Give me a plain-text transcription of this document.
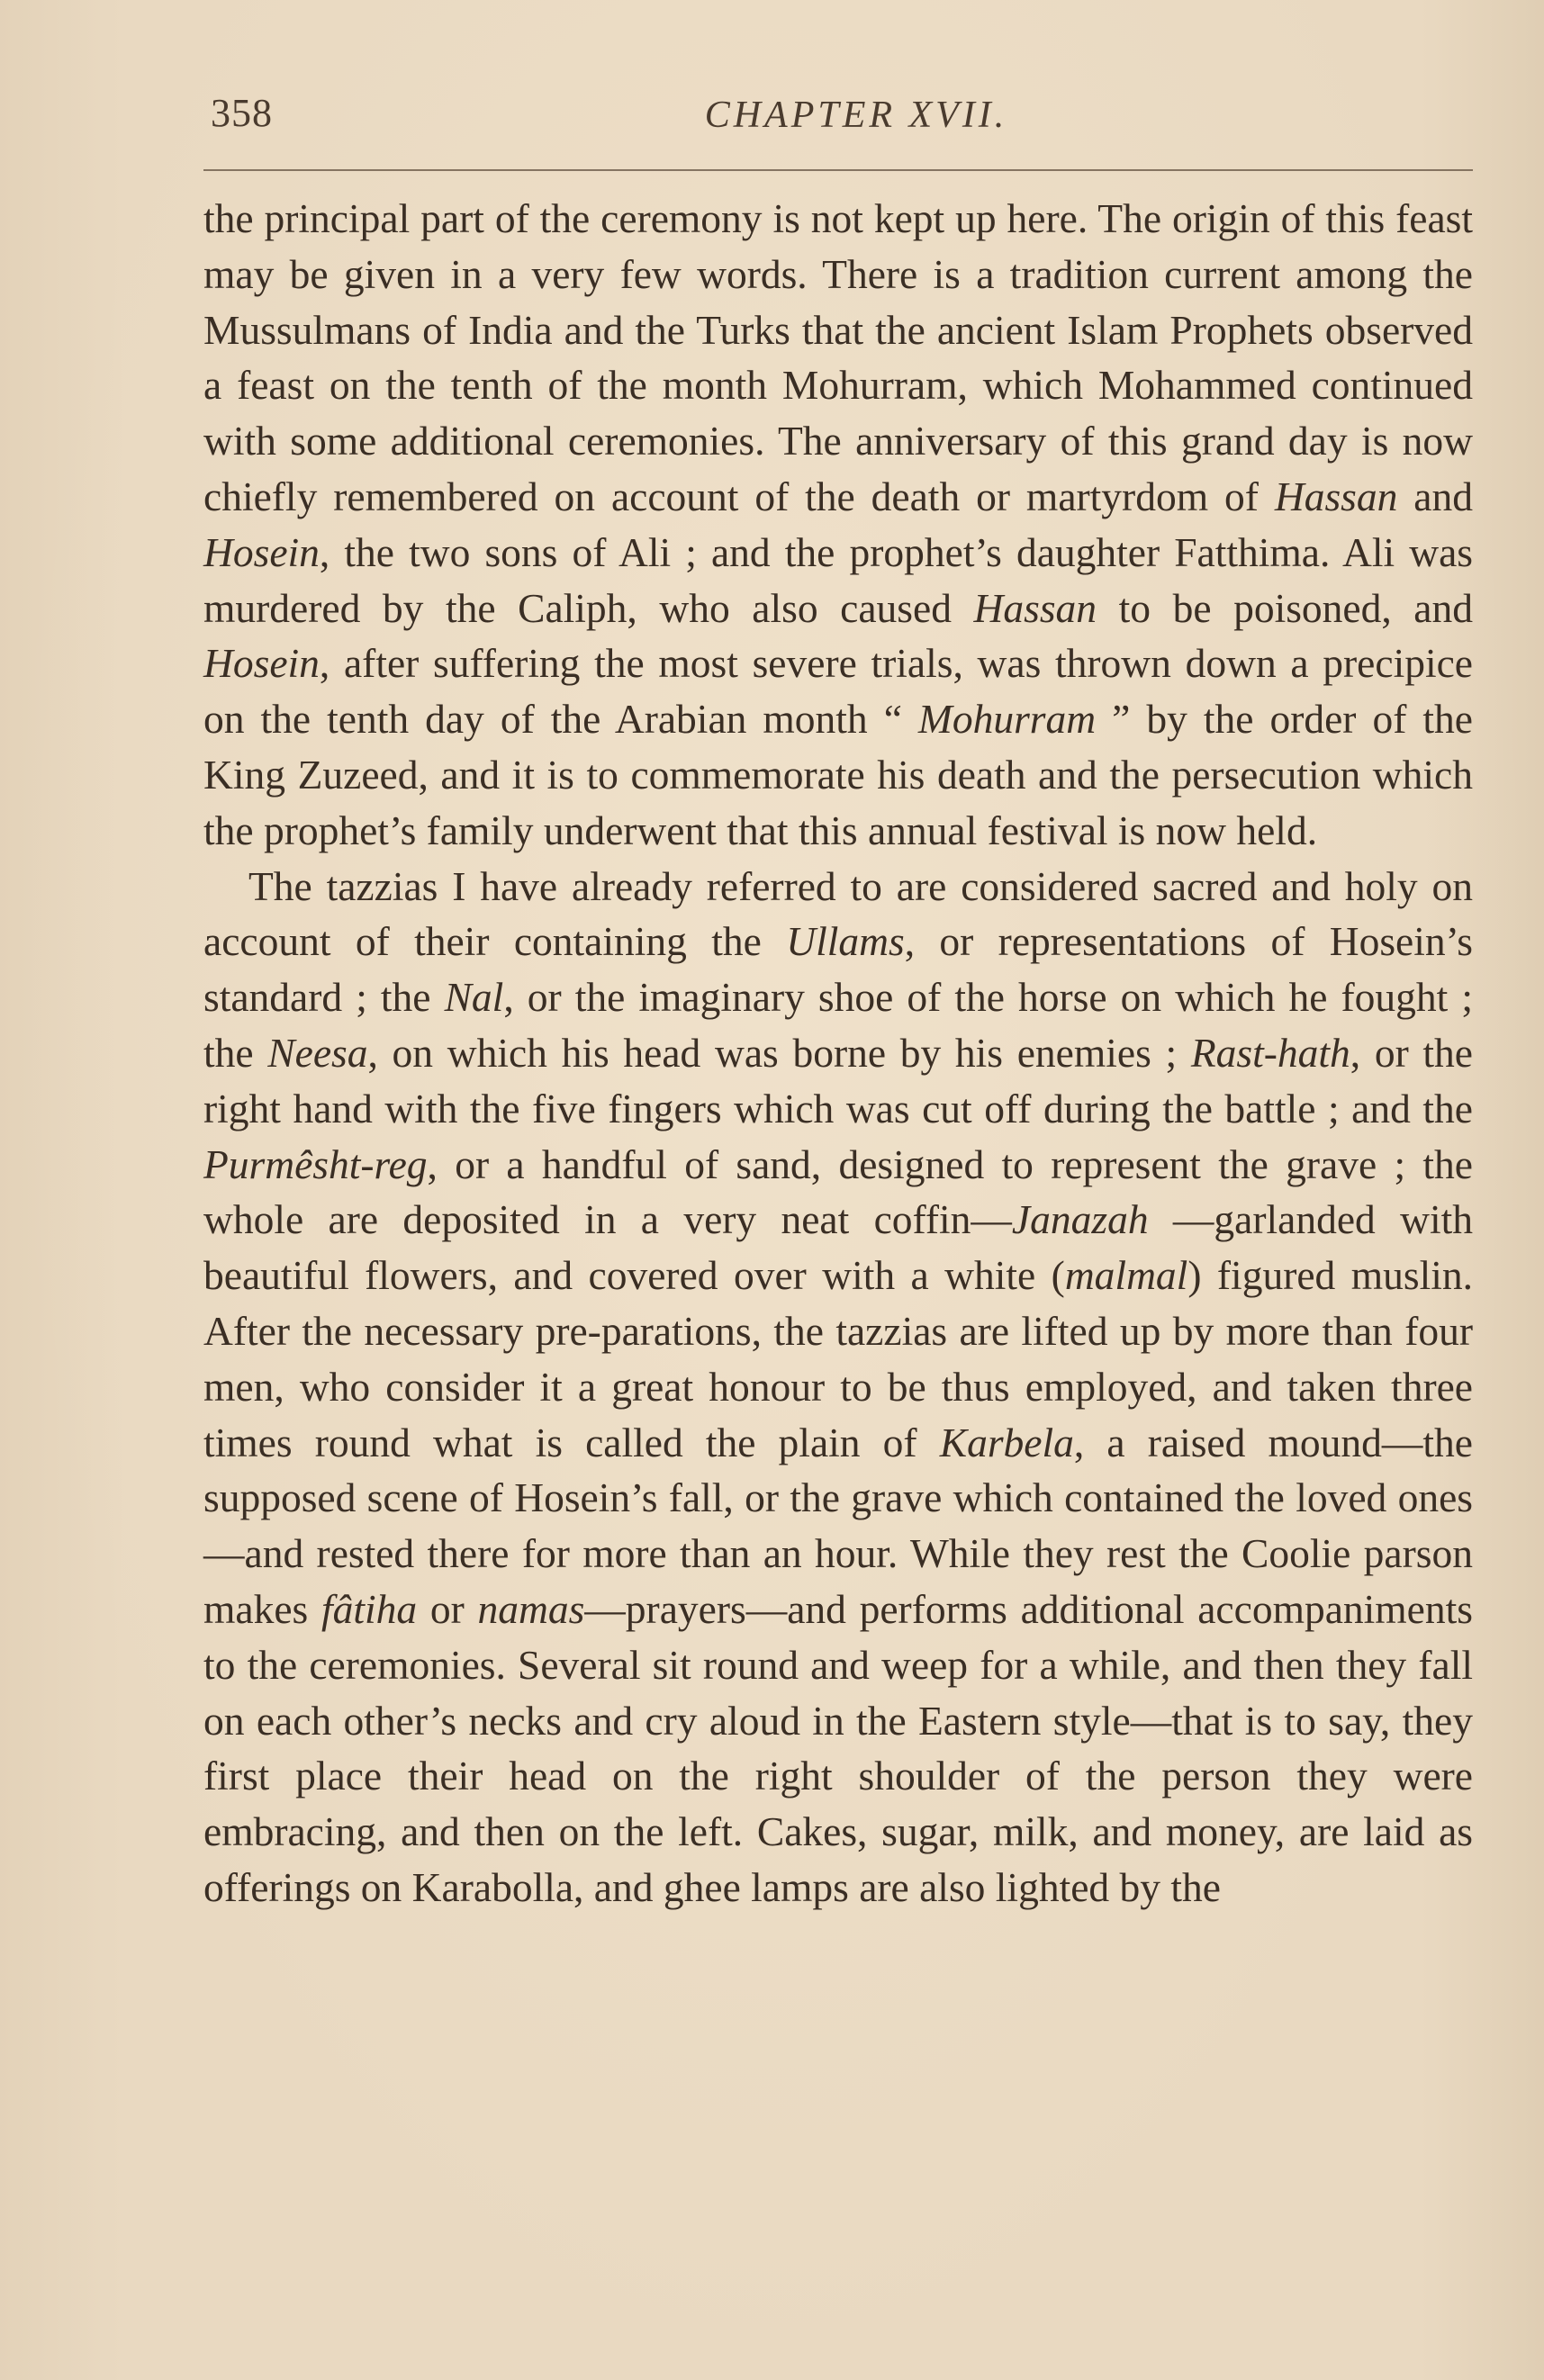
358	CHAPTER XVII.

the principal part of the ceremony is not kept up here. The origin of this feast may be given in a very few words. There is a tradition current among the Mussulmans of India and the Turks that the ancient Islam Prophets observed a feast on the tenth of the month Mohurram, which Mohammed continued with some additional ceremonies. The anniversary of this grand day is now chiefly remembered on account of the death or martyrdom of Hassan and Hosein, the two sons of Ali ; and the prophet’s daughter Fatthima. Ali was murdered by the Caliph, who also caused Hassan to be poisoned, and Hosein, after suffering the most severe trials, was thrown down a precipice on the tenth day of the Arabian month “ Mohurram ” by the order of the King Zuzeed, and it is to commemorate his death and the persecution which the prophet’s family underwent that this annual festival is now held.

The tazzias I have already referred to are considered sacred and holy on account of their containing the Ullams, or representations of Hosein’s standard ; the Nal, or the imaginary shoe of the horse on which he fought ; the Neesa, on which his head was borne by his enemies ; Rast-hath, or the right hand with the five fingers which was cut off during the battle ; and the Purmêsht-reg, or a handful of sand, designed to represent the grave ; the whole are deposited in a very neat coffin—Janazah —garlanded with beautiful flowers, and covered over with a white (malmal) figured muslin. After the necessary pre-parations, the tazzias are lifted up by more than four men, who consider it a great honour to be thus employed, and taken three times round what is called the plain of Karbela, a raised mound—the supposed scene of Hosein’s fall, or the grave which contained the loved ones—and rested there for more than an hour. While they rest the Coolie parson makes fâtiha or namas—prayers—and performs additional accompaniments to the ceremonies. Several sit round and weep for a while, and then they fall on each other’s necks and cry aloud in the Eastern style—that is to say, they first place their head on the right shoulder of the person they were embracing, and then on the left. Cakes, sugar, milk, and money, are laid as offerings on Karabolla, and ghee lamps are also lighted by the
